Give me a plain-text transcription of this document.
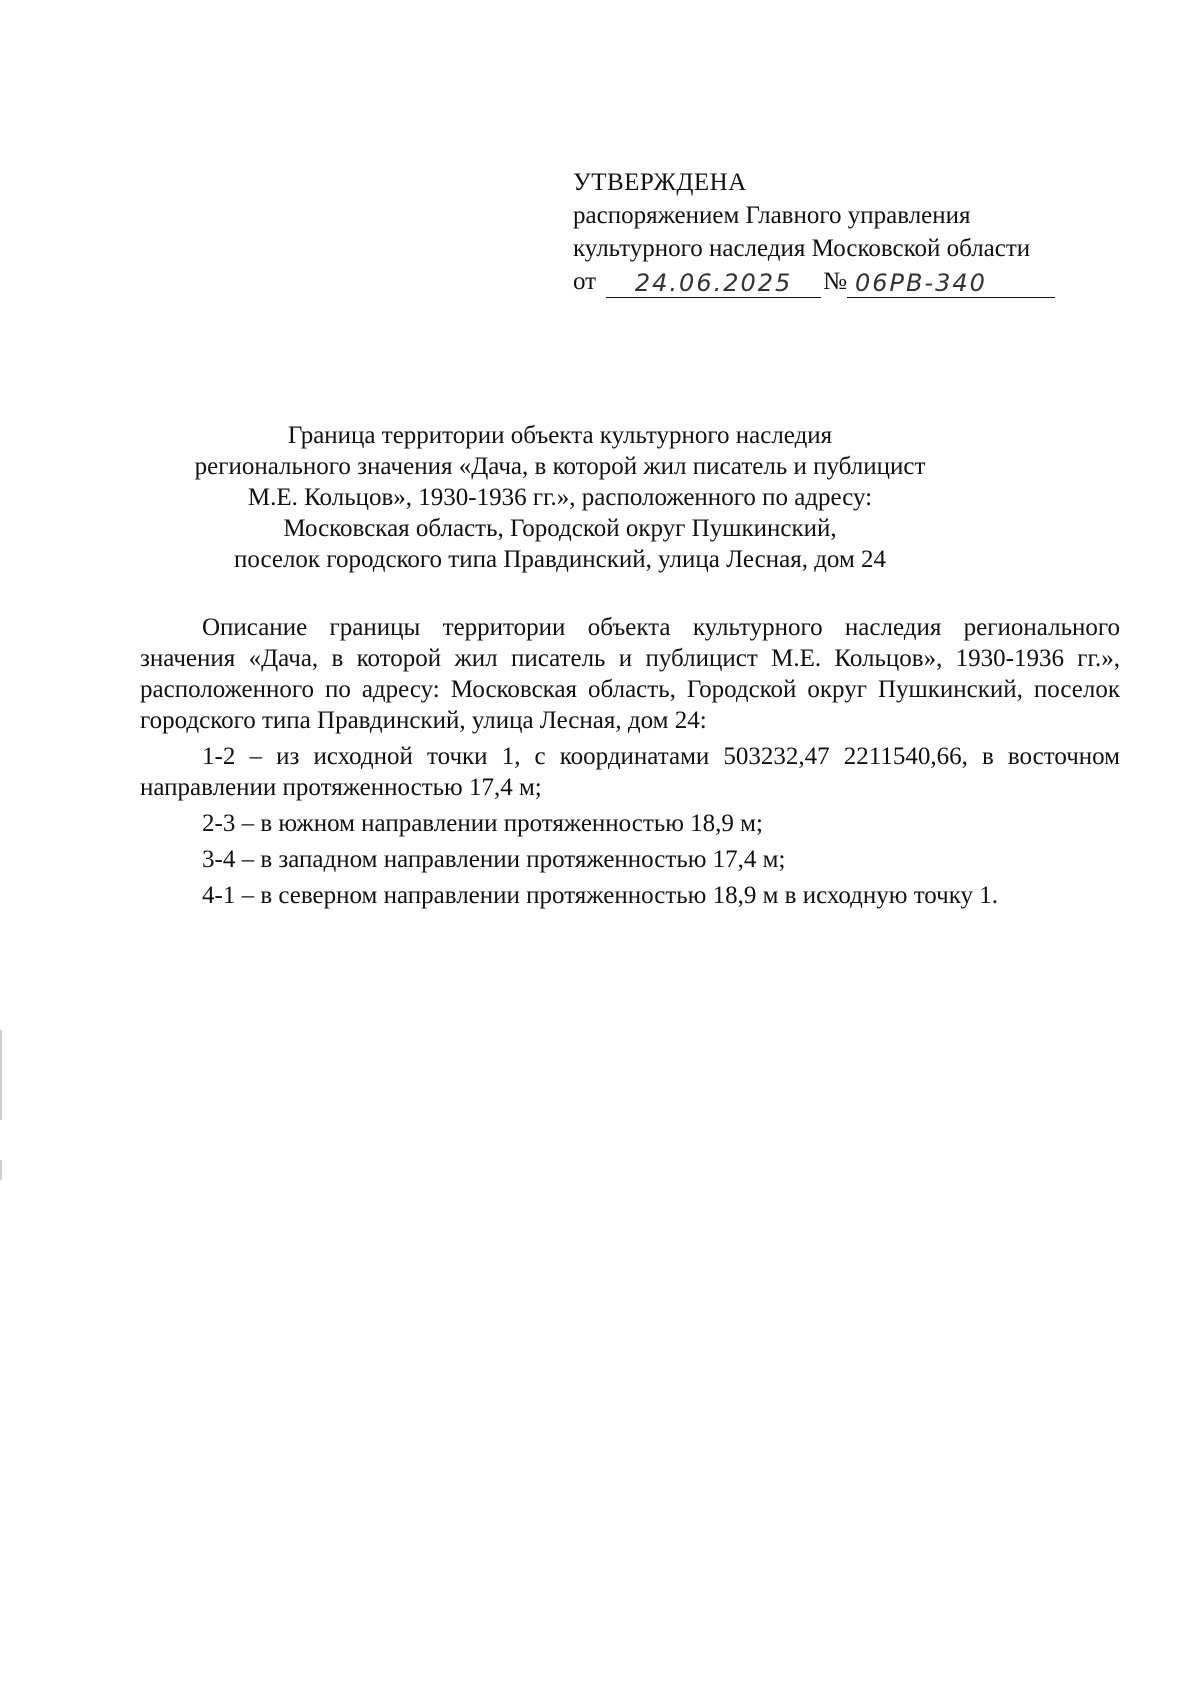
УТВЕРЖДЕНА
распоряжением Главного управления
культурного наследия Московской области
от	24.06.2025	№ 06РВ-340
Граница территории объекта культурного наследия
регионального значения «Дача, в которой жил писатель и публицист
М.Е. Кольцов», 1930-1936 гг.», расположенного по адресу:
Московская область, Городской округ Пушкинский,
поселок городского типа Правдинский, улица Лесная, дом 24

Описание границы территории объекта культурного наследия регионального значения «Дача, в которой жил писатель и публицист М.Е. Кольцов», 1930-1936 гг.», расположенного по адресу: Московская область, Городской округ Пушкинский, поселок городского типа Правдинский, улица Лесная, дом 24:

1-2 – из исходной точки 1, с координатами 503232,47 2211540,66, в восточном направлении протяженностью 17,4 м;

2-3 – в южном направлении протяженностью 18,9 м;

3-4 – в западном направлении протяженностью 17,4 м;

4-1 – в северном направлении протяженностью 18,9 м в исходную точку 1.
